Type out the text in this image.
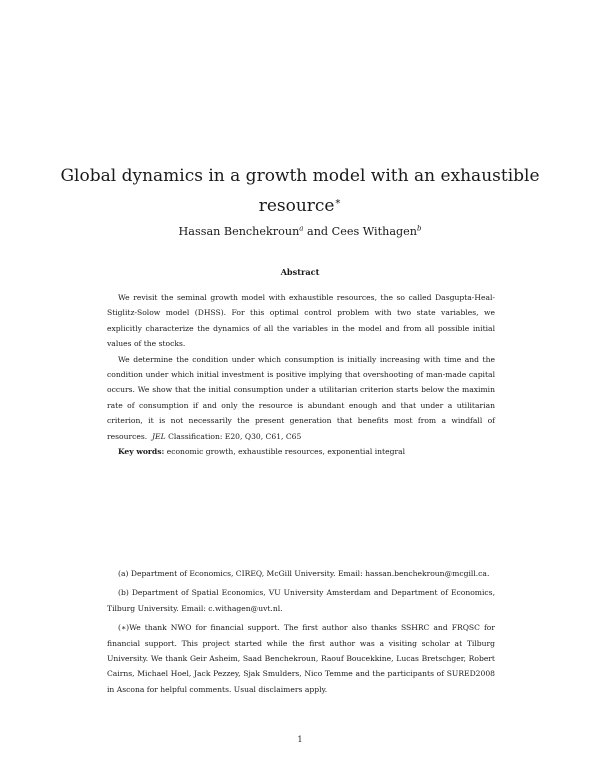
Global dynamics in a growth model with an exhaustible resource∗
Hassan Benchekroun$^a$ and Cees Withagen$^b$
Abstract

We revisit the seminal growth model with exhaustible resources, the so called Dasgupta-Heal-Stiglitz-Solow model (DHSS). For this optimal control problem with two state variables, we explicitly characterize the dynamics of all the variables in the model and from all possible initial values of the stocks.

We determine the condition under which consumption is initially increasing with time and the condition under which initial investment is positive implying that overshooting of man-made capital occurs. We show that the initial consumption under a utilitarian criterion starts below the maximin rate of consumption if and only the resource is abundant enough and that under a utilitarian criterion, it is not necessarily the present generation that benefits most from a windfall of resources. JEL Classification: E20, Q30, C61, C65

Key words: economic growth, exhaustible resources, exponential integral

(a) Department of Economics, CIREQ, McGill University. Email: hassan.benchekroun@mcgill.ca.

(b) Department of Spatial Economics, VU University Amsterdam and Department of Economics, Tilburg University. Email: c.withagen@uvt.nl.

(∗)We thank NWO for financial support. The first author also thanks SSHRC and FRQSC for financial support. This project started while the first author was a visiting scholar at Tilburg University. We thank Geir Asheim, Saad Benchekroun, Raouf Boucekkine, Lucas Bretschger, Robert Cairns, Michael Hoel, Jack Pezzey, Sjak Smulders, Nico Temme and the participants of SURED2008 in Ascona for helpful comments. Usual disclaimers apply.

1
